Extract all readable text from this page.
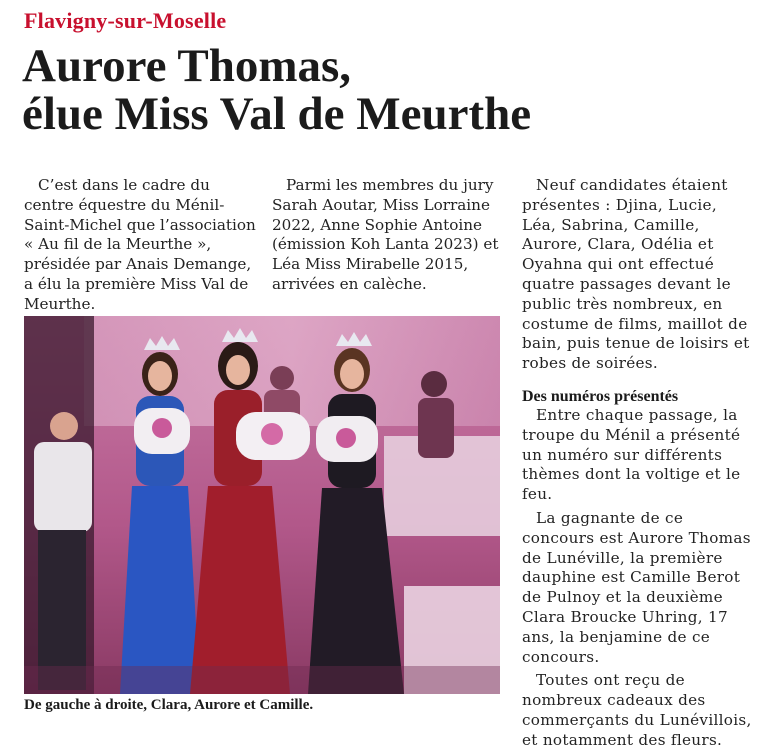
Flavigny-sur-Moselle
Aurore Thomas,
élue Miss Val de Meurthe

C’est dans le cadre du centre équestre du Ménil-Saint-Michel que l’association « Au fil de la Meurthe », présidée par Anais Demange, a élu la première Miss Val de Meurthe.

Parmi les membres du jury Sarah Aoutar, Miss Lorraine 2022, Anne Sophie Antoine (émission Koh Lanta 2023) et Léa Miss Mirabelle 2015, arrivées en calèche.

Neuf candidates étaient présentes : Djina, Lucie, Léa, Sabrina, Camille, Aurore, Clara, Odélia et Oyahna qui ont effectué quatre passages devant le public très nombreux, en costume de films, maillot de bain, puis tenue de loisirs et robes de soirées.

Des numéros présentés

Entre chaque passage, la troupe du Ménil a présenté un numéro sur différents thèmes dont la voltige et le feu.

La gagnante de ce concours est Aurore Thomas de Lunéville, la première dauphine est Camille Berot de Pulnoy et la deuxième Clara Broucke Uhring, 17 ans, la benjamine de ce concours.

Toutes ont reçu de nombreux cadeaux des commerçants du Lunévillois, et notamment des fleurs.

De gauche à droite, Clara, Aurore et Camille.
